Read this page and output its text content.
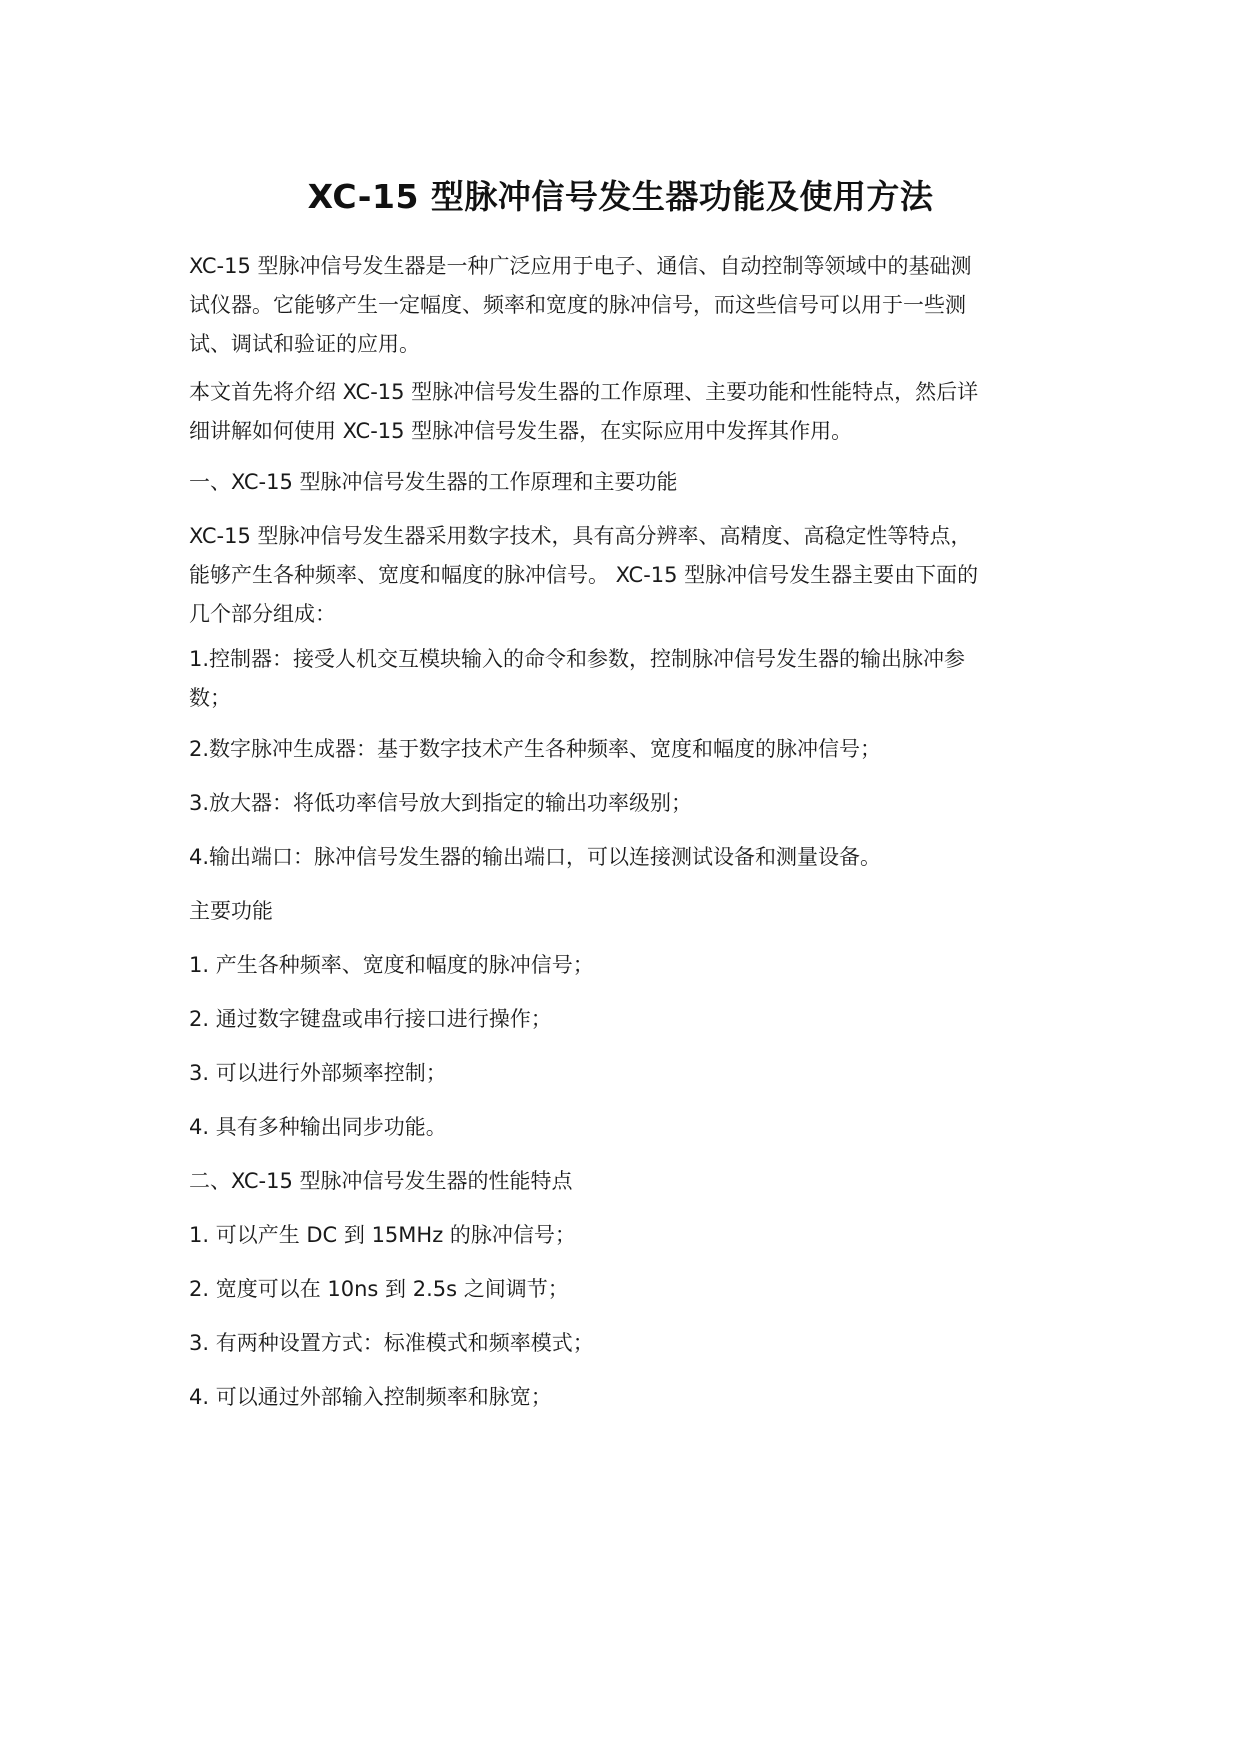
XC-15 型脉冲信号发生器功能及使用方法
XC-15 型脉冲信号发生器是一种广泛应用于电子、通信、自动控制等领域中的基础测
试仪器。它能够产生一定幅度、频率和宽度的脉冲信号，而这些信号可以用于一些测
试、调试和验证的应用。
本文首先将介绍 XC-15 型脉冲信号发生器的工作原理、主要功能和性能特点，然后详
细讲解如何使用 XC-15 型脉冲信号发生器，在实际应用中发挥其作用。
一、XC-15 型脉冲信号发生器的工作原理和主要功能
XC-15 型脉冲信号发生器采用数字技术，具有高分辨率、高精度、高稳定性等特点，
能够产生各种频率、宽度和幅度的脉冲信号。 XC-15 型脉冲信号发生器主要由下面的
几个部分组成：
1.控制器：接受人机交互模块输入的命令和参数，控制脉冲信号发生器的输出脉冲参
数；
2.数字脉冲生成器：基于数字技术产生各种频率、宽度和幅度的脉冲信号；
3.放大器：将低功率信号放大到指定的输出功率级别；
4.输出端口：脉冲信号发生器的输出端口，可以连接测试设备和测量设备。
主要功能
1. 产生各种频率、宽度和幅度的脉冲信号；
2. 通过数字键盘或串行接口进行操作；
3. 可以进行外部频率控制；
4. 具有多种输出同步功能。
二、XC-15 型脉冲信号发生器的性能特点
1. 可以产生 DC 到 15MHz 的脉冲信号；
2. 宽度可以在 10ns 到 2.5s 之间调节；
3. 有两种设置方式：标准模式和频率模式；
4. 可以通过外部输入控制频率和脉宽；
